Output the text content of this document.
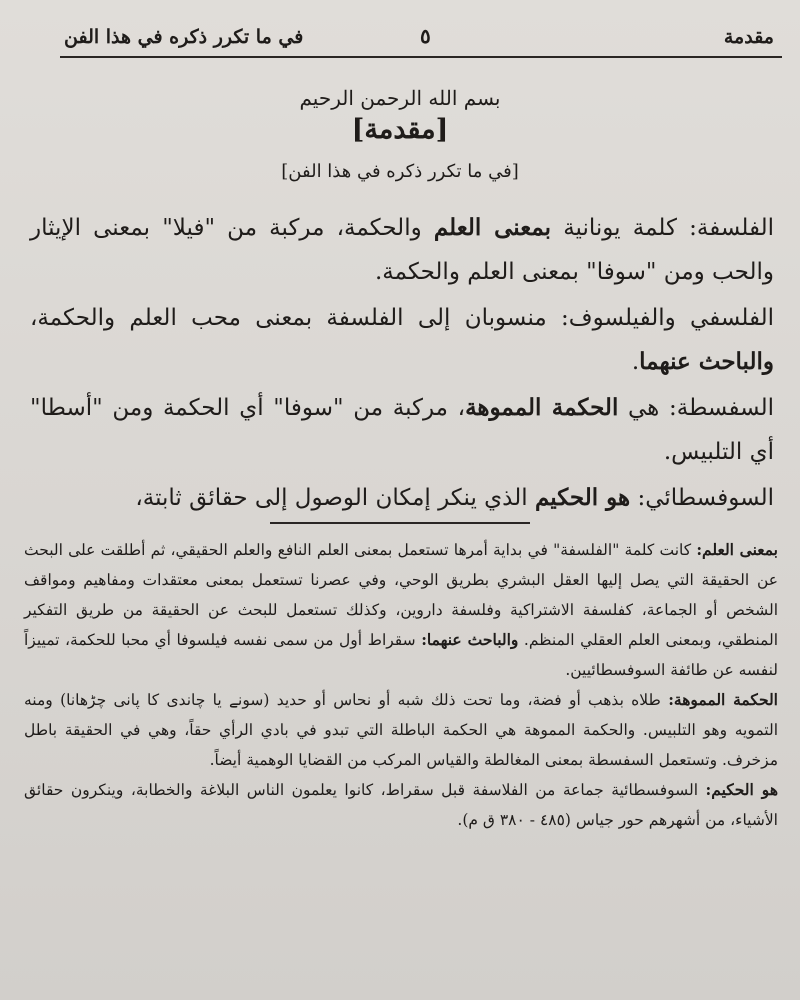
مقدمة
٥
في ما تكرر ذكره في هذا الفن
بسم الله الرحمن الرحيم
[مقدمة]
[في ما تكرر ذكره في هذا الفن]

الفلسفة: كلمة يونانية بمعنى العلم والحكمة، مركبة من "فيلا" بمعنى الإيثار والحب ومن "سوفا" بمعنى العلم والحكمة.

الفلسفي والفيلسوف: منسوبان إلى الفلسفة بمعنى محب العلم والحكمة، والباحث عنهما.

السفسطة: هي الحكمة المموهة، مركبة من "سوفا" أي الحكمة ومن "أسطا" أي التلبيس.

السوفسطائي: هو الحكيم الذي ينكر إمكان الوصول إلى حقائق ثابتة،

بمعنى العلم: كانت كلمة "الفلسفة" في بداية أمرها تستعمل بمعنى العلم النافع والعلم الحقيقي، ثم أطلقت على البحث عن الحقيقة التي يصل إليها العقل البشري بطريق الوحي، وفي عصرنا تستعمل بمعنى معتقدات ومفاهيم ومواقف الشخص أو الجماعة، كفلسفة الاشتراكية وفلسفة داروين، وكذلك تستعمل للبحث عن الحقيقة من طريق التفكير المنطقي، وبمعنى العلم العقلي المنظم. والباحث عنهما: سقراط أول من سمى نفسه فيلسوفا أي محبا للحكمة، تمييزاً لنفسه عن طائفة السوفسطائيين.

الحكمة المموهة: طلاه بذهب أو فضة، وما تحت ذلك شبه أو نحاس أو حديد (سونے یا چاندی کا پانی چڑھانا) ومنه التمويه وهو التلبيس. والحكمة المموهة هي الحكمة الباطلة التي تبدو في بادي الرأي حقاً، وهي في الحقيقة باطل مزخرف. وتستعمل السفسطة بمعنى المغالطة والقياس المركب من القضايا الوهمية أيضاً.

هو الحكيم: السوفسطائية جماعة من الفلاسفة قبل سقراط، كانوا يعلمون الناس البلاغة والخطابة، وينكرون حقائق الأشياء، من أشهرهم حور جياس (٤٨٥ - ٣٨٠ ق م).
